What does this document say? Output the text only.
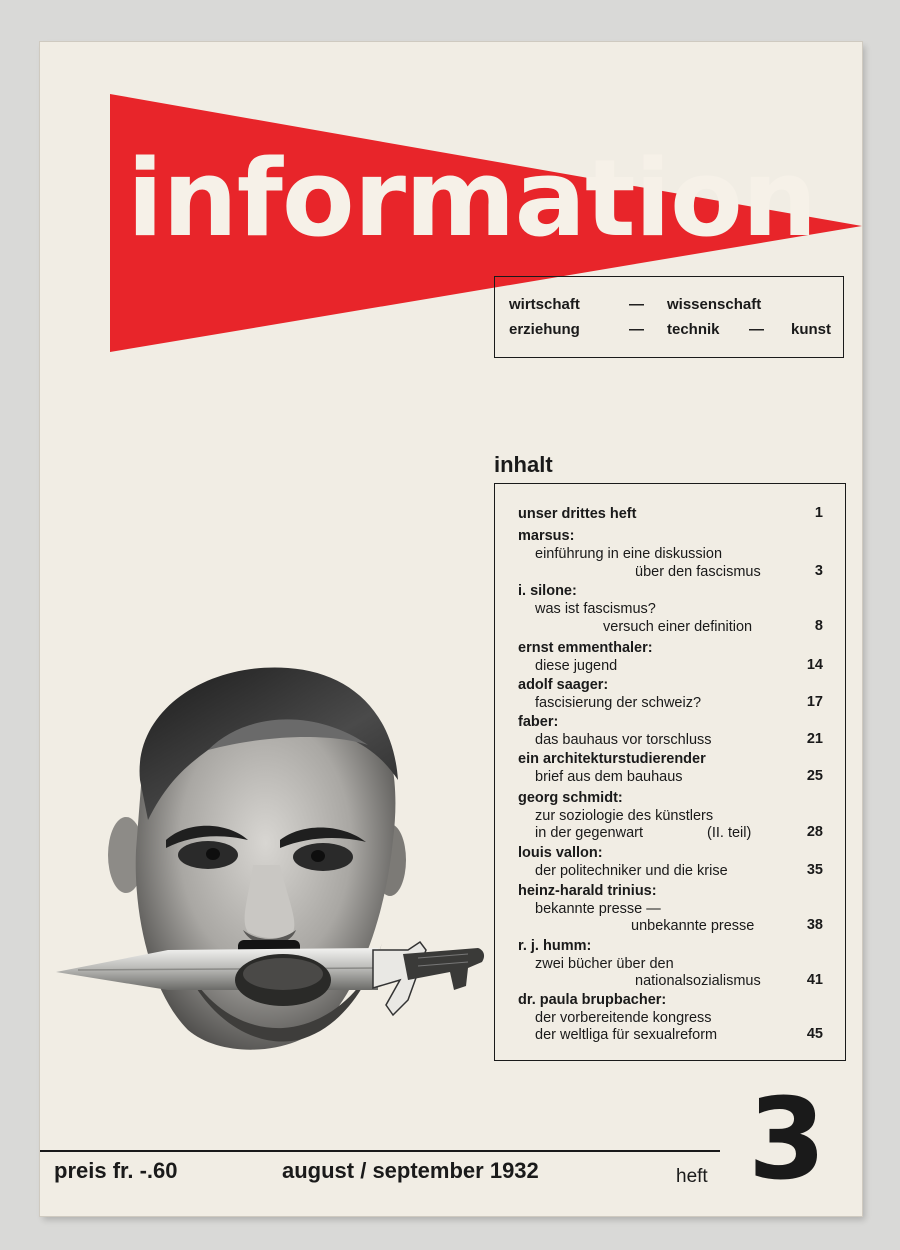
information
wirtschaft	— wissenschaft
erziehung	— technik — kunst
inhalt
unser drittes heft	1
marsus:
einführung in eine diskussion
über den fascismus	3
i. silone:
was ist fascismus?
versuch einer definition	8
ernst emmenthaler:
diese jugend	14
adolf saager:
fascisierung der schweiz?	17
faber:
das bauhaus vor torschluss	21
ein architekturstudierender
brief aus dem bauhaus	25
georg schmidt:
zur soziologie des künstlers
in der gegenwart	(II. teil)	28
louis vallon:
der politechniker und die krise	35
heinz-harald trinius:
bekannte presse —
unbekannte presse	38
r. j. humm:
zwei bücher über den
nationalsozialismus	41
dr. paula brupbacher:
der vorbereitende kongress
der weltliga für sexualreform	45
preis fr. -.60	august / september 1932	heft 3
